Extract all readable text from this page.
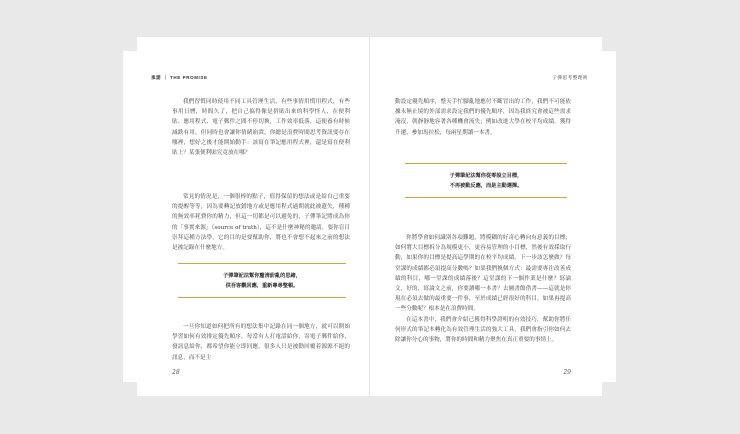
承諾 ｜ THE PROMISE

我們習慣同時使用不同工具管理生活，有些事情用慣用程式，有些事用日曆，時間久了，把自己搞得像是拼貼出來的科學怪人，在便利貼、應用程式、電子郵件之間不停切換，工作效率低落，這便養有時候減跌有用，但同時也會讓你情緒崩潰，你總是浪費時間思考資訊要存在哪裡，想好之後才能開始動手：該寫在筆記應用程式裡，還是寫在便利貼上？某張便利貼究竟放在哪？

常見的情況是，一個很棒的點子，值得保留的想法或是給自己重要的提醒等等，因為要轉記放錯地方或是應用程式過期就此被遺失，種種的無效率耗費你的精力，但這一切都是可以避免的，子彈筆記將成為你的「事實來源」（source of truth），這不是什麼神秘的邀請，要你盲目崇拜這種方法學，它的目的是要幫助你，將也不會想不起來之前的想法是被記錄在什麼地方。

子彈筆記法幫你釐清紛亂的思緒，
供吾客觀回應，重新專尋整頓。

一旦你知道如何把所有的想法集中記錄在同一個地方，就可以開始學習如何有效排定優先順序，每當有人打電話給你，寄電子郵件給你，發訊息給你，都希望你能立即回應，很多人只是被動回覆着源源不絕的訊息，而不是主

28
子彈思考整理術

動設定優先順序，整天手忙腳亂地應付不斷冒出的工作，我們不可能依據永無止境的外部需求設定我們的優先順序，因為我終究會被這些需求淹沒，朝靜靜地容著各種機會流失；例如改進大學在校平均成績，獲得升遷，參加馬拉松，每兩星期讀一本書。

子彈筆記法幫你從零設立目標，
不再被動反應，而是主動選擇。

你將學會如何識別各項難題，將模糊的好奇心轉向有意義的目標；如何將大目標拆分為規模更小，更容易管理的小目標，然後有效採取行動，如果你的目標是提高這學期的在校平均成績，下一步該怎麼做？每堂課的成績都必須提高分數嗎？如果我們換個方式：最需要專注改善成績的科目，哪一堂課的成績落後？這堂課的下一個作業是什麼？寫論文，好的，寫論文之前，你要讀哪一本書？去圖書館借書——這就是你現在必須去做的最重要一件事，至於成績已經很好的科目，如果再提高一些分數呢？根本是在浪費時間。

在這本書中，我們會介紹已獲得科學證明的有效技巧，幫助你將任何形式的筆記本轉化為有效管理生活的強大工具，我們會指引你如何去除讓你分心的事物，將你的時間和精力聚焦在真正重要的事情上。

29
